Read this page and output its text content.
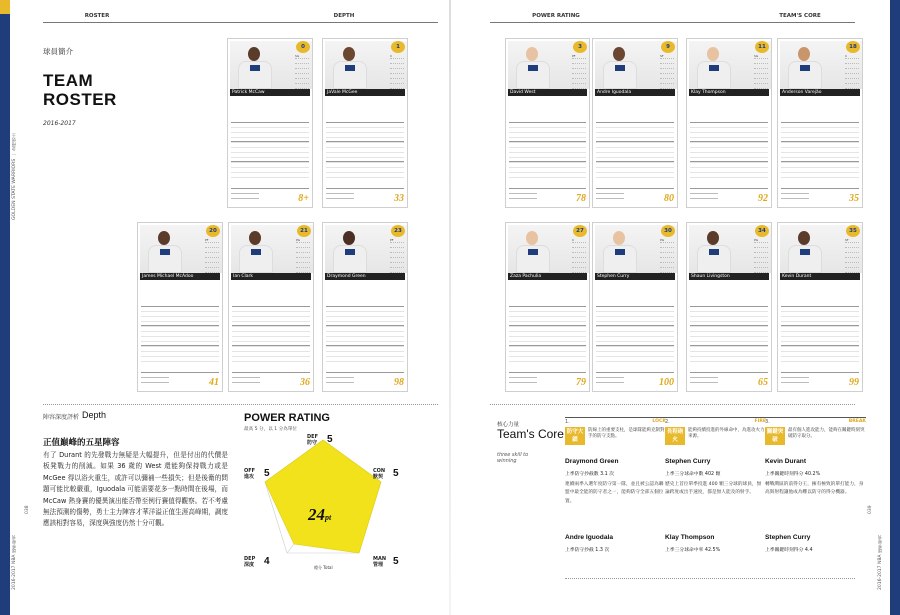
GOLDEN STATE WARRIORS ｜ 金州勇士
2016-2017 NBA 球季專刊	2016-2017 NBA 球季專刊
038	039
ROSTER	DEPTH	POWER RATING	TEAM'S CORE
球員簡介
TEAM ROSTER
2016-2017
0
SG

Patrick McCaw
8+
1
C

JaVale McGee
33
3
PF

David West
78
9
SF

Andre Iguodala
80
11
SG

Klay Thompson
92
18
C

Anderson Varejão
35
20
PF

James Michael McAdoo
41
21
PG

Ian Clark
36
23
PF

Draymond Green
98
27
C

Zaza Pachulia
79
30
PG

Stephen Curry
100
34
PG

Shaun Livingston
65
35
SF

Kevin Durant
99
陣容深度評析 Depth
正值巔峰的五星陣容
有了 Durant 的先發戰力無疑是大幅提升，但是付出的代價是板凳戰力的削減。如果 36 歲的 West 還能夠保持戰力或是 McGee 得以浴火重生，或許可以彌補一些損失；但是後衛的問題可能比較嚴重，Iguodala 可能需要花多一點時間在後場，而 McCaw 熱身賽的優異演出能否帶至例行賽值得觀察。若不考慮無法預測的傷勢，勇士主力陣容才華洋溢正值生涯高峰期，調度應該相對容易，深度與強度仍然十分可觀。
POWER RATING
最高 5 分，以 1 分為單位
DEF
防守 5
CON
默契 5
MAN
管理 5
DEP
深度 4
OFF
進攻 5
24pt
總分 Total
核心力量
Team's Core
three skill to winning
1.	LOCK
防守大鎖
防線上的重要支柱，是球隊能夠克制對手的防守支點。
Draymond Green
上季防守抄截數 3.1 次
連續兩季入選年度防守第一隊，並且被公認為聯盟中最全能的防守者之一，能夠防守全部五個位置。
Andre Iguodala
上季防守抄截 1.3 次
2.	FIRE
長程砲火
能夠持續投進的外線命中，為進攻火力來源。
Stephen Curry
上季三分球命中數 402 顆
歷史上首位單季投進 400 顆三分球的球員，無論跨度或出手速度，都是無人能及的射手。
Klay Thompson
上季三分球命中率 42.5%
3.	BREAK
關鍵突破
最有個人進攻能力，能夠在關鍵時刻突破防守取分。
Kevin Durant
上季關鍵時刻得分 40.2%
轉戰灣區的前得分王，擁有極致的單打能力，身高與射程讓他成為難以防守的得分機器。
Stephen Curry
上季關鍵時刻得分 4.4
